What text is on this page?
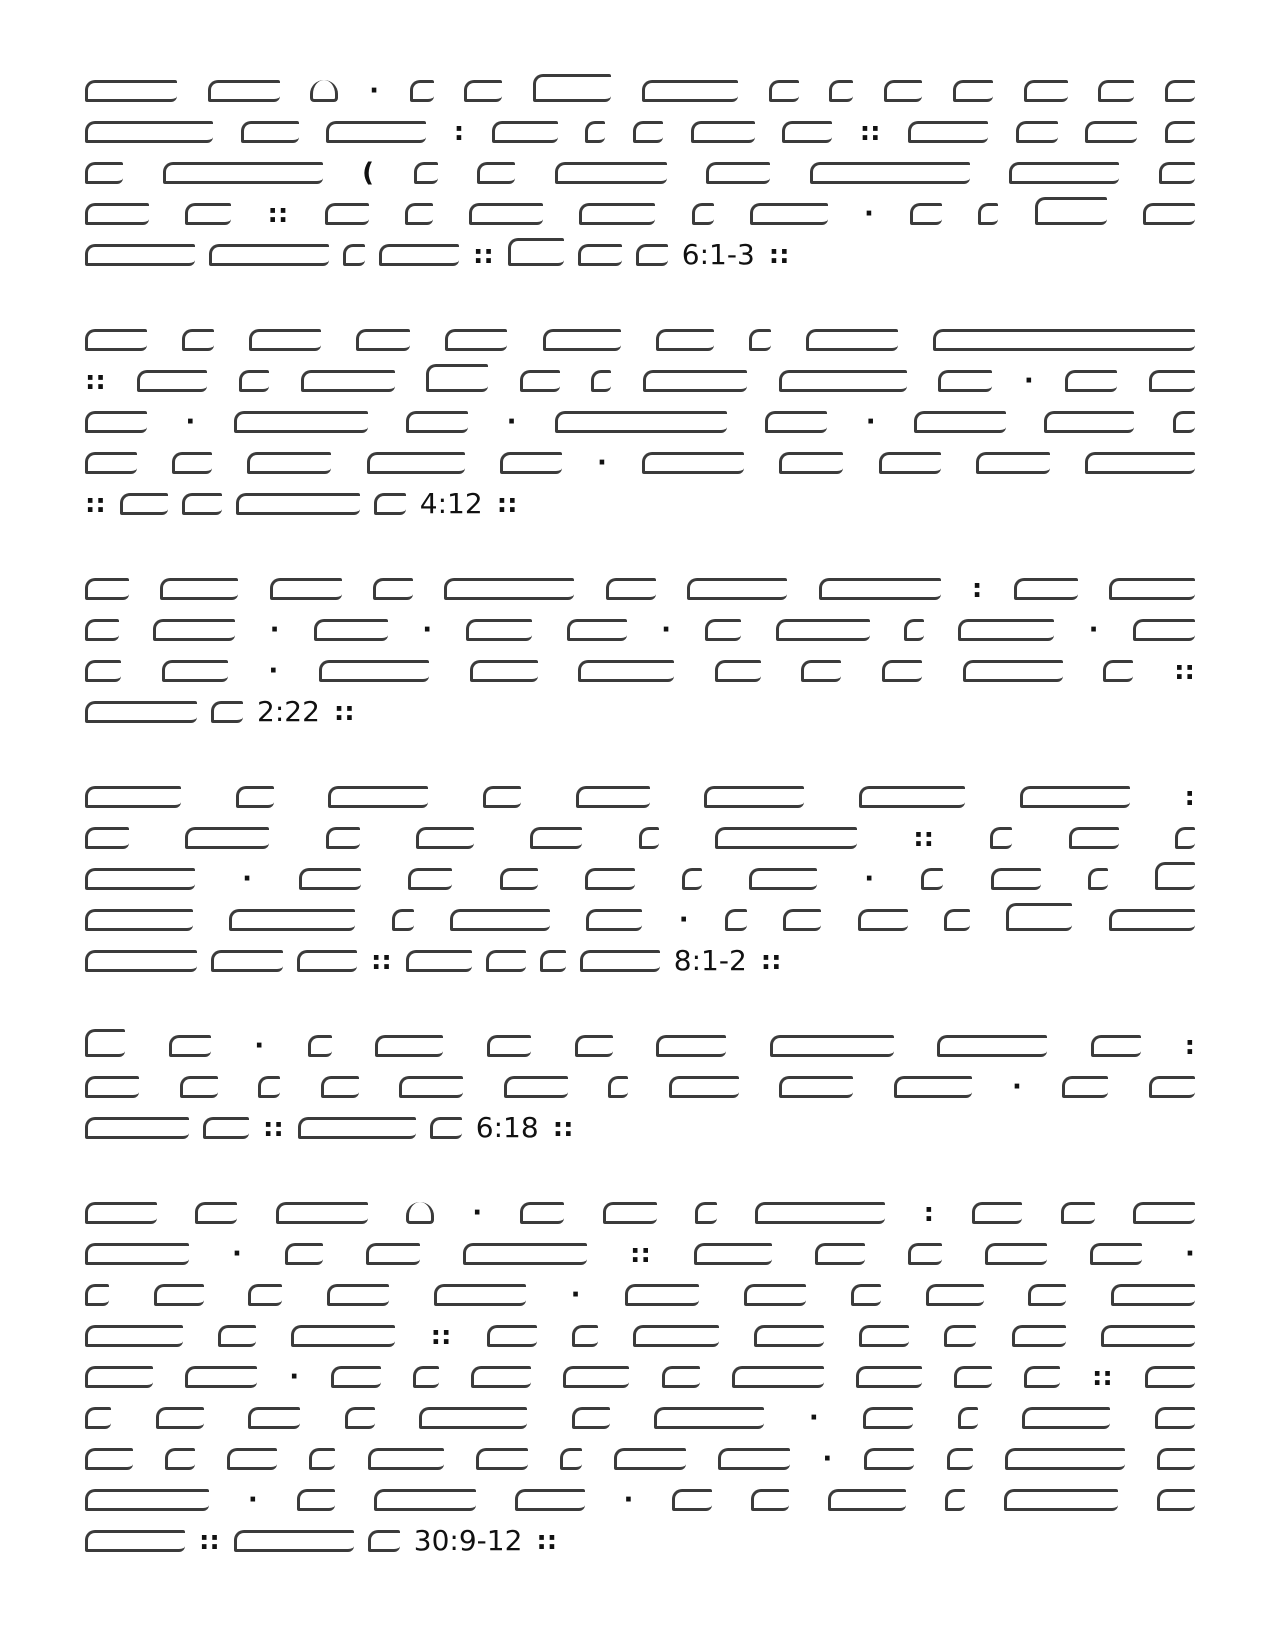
·
:	::
(
::	·
::	6:1-3 ::
::	·
·	·	·
·
::	4:12 ::
:
·	·	·	·
·	::
2:22 ::
:
::
·	·
·
::	8:1-2 ::
·	:
·
::	6:18 ::
·	:
·	::	·
·
::
·	::
·
·
·	·
::	30:9-12 ::
